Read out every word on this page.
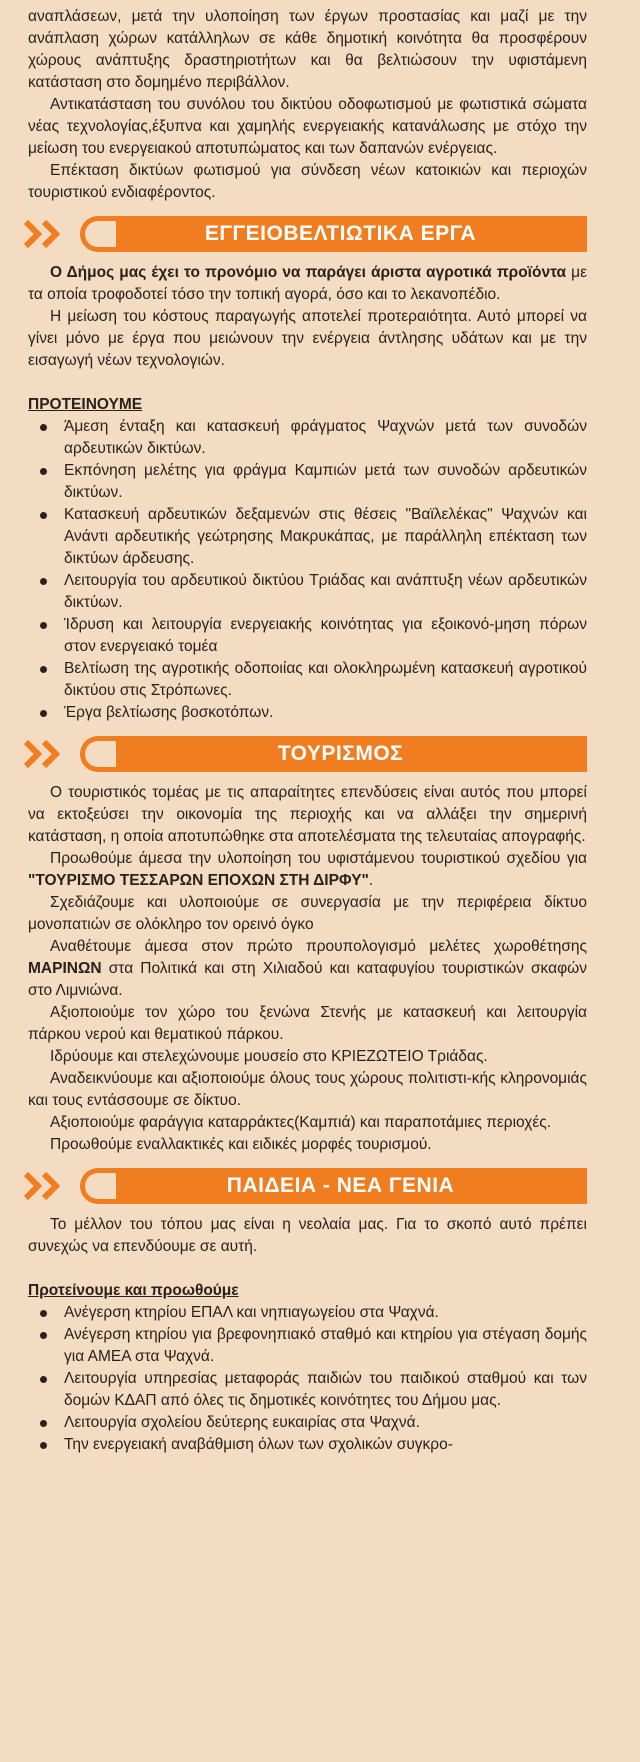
αναπλάσεων, μετά την υλοποίηση των έργων προστασίας και μαζί με την ανάπλαση χώρων κατάλληλων σε κάθε δημοτική κοινότητα θα προσφέρουν χώρους ανάπτυξης δραστηριοτήτων και θα βελτιώσουν την υφιστάμενη κατάσταση στο δομημένο περιβάλλον.

Αντικατάσταση του συνόλου του δικτύου οδοφωτισμού με φωτιστικά σώματα νέας τεχνολογίας,έξυπνα και χαμηλής ενεργειακής κατανάλωσης με στόχο την μείωση του ενεργειακού αποτυπώματος και των δαπανών ενέργειας.

Επέκταση δικτύων φωτισμού για σύνδεση νέων κατοικιών και περιοχών τουριστικού ενδιαφέροντος.

ΕΓΓΕΙΟΒΕΛΤΙΩΤΙΚΑ ΕΡΓΑ

Ο Δήμος μας έχει το προνόμιο να παράγει άριστα αγροτικά προϊόντα με τα οποία τροφοδοτεί τόσο την τοπική αγορά, όσο και το λεκανοπέδιο.

Η μείωση του κόστους παραγωγής αποτελεί προτεραιότητα. Αυτό μπορεί να γίνει μόνο με έργα που μειώνουν την ενέργεια άντλησης υδάτων και με την εισαγωγή νέων τεχνολογιών.

ΠΡΟΤΕΙΝΟΥΜΕ

Άμεση ένταξη και κατασκευή φράγματος Ψαχνών μετά των συνοδών αρδευτικών δικτύων.
Εκπόνηση μελέτης για φράγμα Καμπιών μετά των συνοδών αρδευτικών δικτύων.
Κατασκευή αρδευτικών δεξαμενών στις θέσεις "Βαϊλελέκας" Ψαχνών και Ανάντι αρδευτικής γεώτρησης Μακρυκάπας, με παράλληλη επέκταση των δικτύων άρδευσης.
Λειτουργία του αρδευτικού δικτύου Τριάδας και ανάπτυξη νέων αρδευτικών δικτύων.
Ίδρυση και λειτουργία ενεργειακής κοινότητας για εξοικονό-μηση πόρων στον ενεργειακό τομέα
Βελτίωση της αγροτικής οδοποιίας και ολοκληρωμένη κατασκευή αγροτικού δικτύου στις Στρόπωνες.
Έργα βελτίωσης βοσκοτόπων.
ΤΟΥΡΙΣΜΟΣ

Ο τουριστικός τομέας με τις απαραίτητες επενδύσεις είναι αυτός που μπορεί να εκτοξεύσει την οικονομία της περιοχής και να αλλάξει την σημερινή κατάσταση, η οποία αποτυπώθηκε στα αποτελέσματα της τελευταίας απογραφής.

Προωθούμε άμεσα την υλοποίηση του υφιστάμενου τουριστικού σχεδίου για "ΤΟΥΡΙΣΜΟ ΤΕΣΣΑΡΩΝ ΕΠΟΧΩΝ ΣΤΗ ΔΙΡΦΥ".

Σχεδιάζουμε και υλοποιούμε σε συνεργασία με την περιφέρεια δίκτυο μονοπατιών σε ολόκληρο τον ορεινό όγκο

Αναθέτουμε άμεσα στον πρώτο προυπολογισμό μελέτες χωροθέτησης ΜΑΡΙΝΩΝ στα Πολιτικά και στη Χιλιαδού και καταφυγίου τουριστικών σκαφών στο Λιμνιώνα.

Αξιοποιούμε τον χώρο του ξενώνα Στενής με κατασκευή και λειτουργία πάρκου νερού και θεματικού πάρκου.

Ιδρύουμε και στελεχώνουμε μουσείο στο ΚΡΙΕΖΩΤΕΙΟ Τριάδας.

Αναδεικνύουμε και αξιοποιούμε όλους τους χώρους πολιτιστι-κής κληρονομιάς και τους εντάσσουμε σε δίκτυο.

Αξιοποιούμε φαράγγια καταρράκτες(Καμπιά) και παραποτάμιες περιοχές.

Προωθούμε εναλλακτικές και ειδικές μορφές τουρισμού.

ΠΑΙΔΕΙΑ - ΝΕΑ ΓΕΝΙΑ

Το μέλλον του τόπου μας είναι η νεολαία μας. Για το σκοπό αυτό πρέπει συνεχώς να επενδύουμε σε αυτή.

Προτείνουμε και προωθούμε

Ανέγερση κτηρίου ΕΠΑΛ και νηπιαγωγείου στα Ψαχνά.
Ανέγερση κτηρίου για βρεφονηπιακό σταθμό και κτηρίου για στέγαση δομής για ΑΜΕΑ στα Ψαχνά.
Λειτουργία υπηρεσίας μεταφοράς παιδιών του παιδικού σταθμού και των δομών ΚΔΑΠ από όλες τις δημοτικές κοινότητες του Δήμου μας.
Λειτουργία σχολείου δεύτερης ευκαιρίας στα Ψαχνά.
Την ενεργειακή αναβάθμιση όλων των σχολικών συγκρο-
